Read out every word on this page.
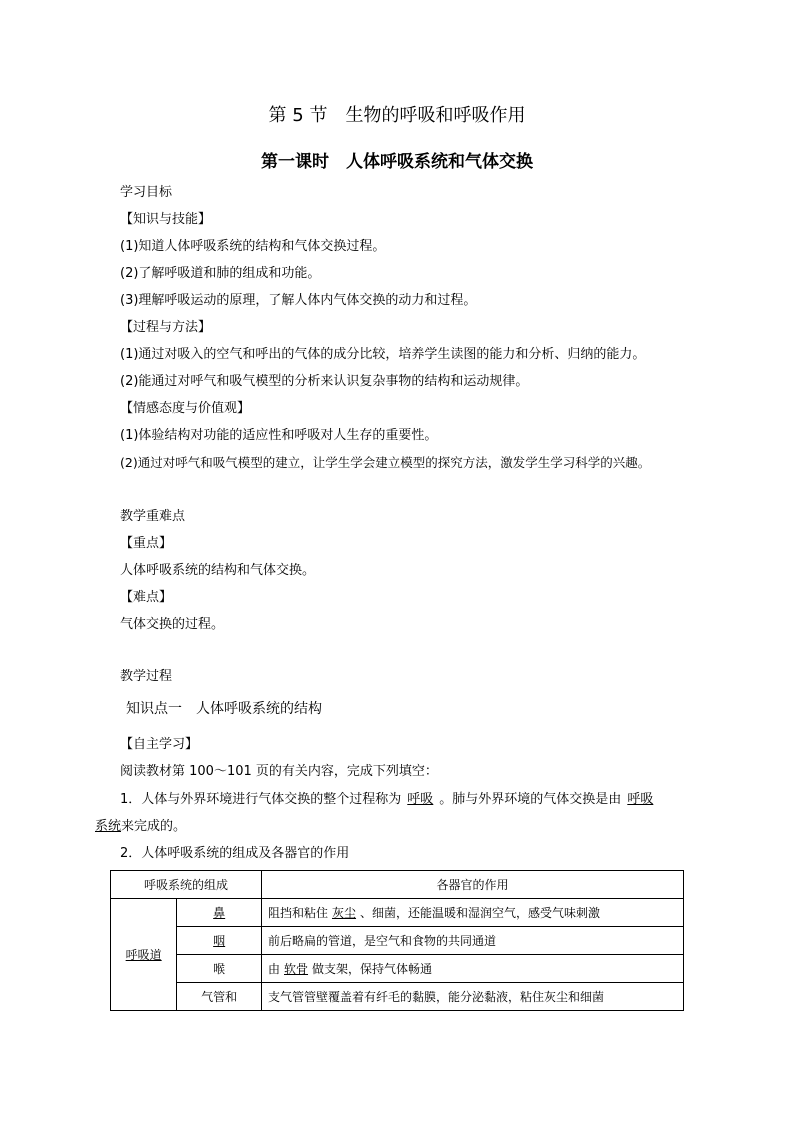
第 5 节　生物的呼吸和呼吸作用
第一课时　人体呼吸系统和气体交换
学习目标
【知识与技能】
(1)知道人体呼吸系统的结构和气体交换过程。
(2)了解呼吸道和肺的组成和功能。
(3)理解呼吸运动的原理，了解人体内气体交换的动力和过程。
【过程与方法】
(1)通过对吸入的空气和呼出的气体的成分比较，培养学生读图的能力和分析、归纳的能力。
(2)能通过对呼气和吸气模型的分析来认识复杂事物的结构和运动规律。
【情感态度与价值观】
(1)体验结构对功能的适应性和呼吸对人生存的重要性。
(2)通过对呼气和吸气模型的建立，让学生学会建立模型的探究方法，激发学生学习科学的兴趣。
教学重难点
【重点】
人体呼吸系统的结构和气体交换。
【难点】
气体交换的过程。
教学过程
知识点一　人体呼吸系统的结构
【自主学习】
阅读教材第 100～101 页的有关内容，完成下列填空：
1．人体与外界环境进行气体交换的整个过程称为 呼吸 。肺与外界环境的气体交换是由 呼吸
系统来完成的。
2．人体呼吸系统的组成及各器官的作用
呼吸系统的组成		各器官的作用
呼吸道	鼻	阻挡和粘住 灰尘 、细菌，还能温暖和湿润空气，感受气味刺激
	咽	前后略扁的管道，是空气和食物的共同通道
	喉	由 软骨 做支架，保持气体畅通
	气管和	支气管管壁覆盖着有纤毛的黏膜，能分泌黏液，粘住灰尘和细菌
